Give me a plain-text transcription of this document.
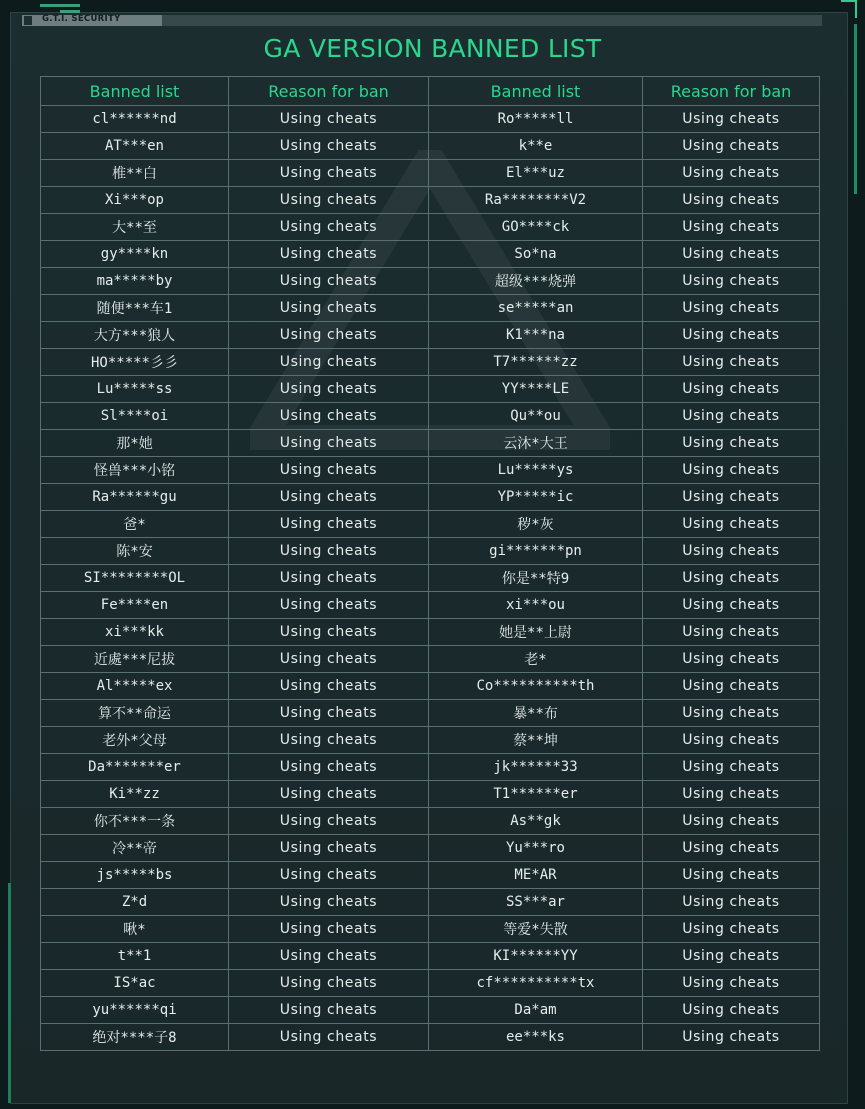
G.T.I. SECURITY
GA VERSION BANNED LIST
Banned list	Reason for ban	Banned list	Reason for ban
cl******nd	Using cheats	Ro*****ll	Using cheats
AT***en	Using cheats	k**e	Using cheats
椎**白	Using cheats	El***uz	Using cheats
Xi***op	Using cheats	Ra********V2	Using cheats
大**至	Using cheats	GO****ck	Using cheats
gy****kn	Using cheats	So*na	Using cheats
ma*****by	Using cheats	超级***烧弹	Using cheats
随便***车1	Using cheats	se*****an	Using cheats
大方***狼人	Using cheats	K1***na	Using cheats
HO*****彡彡	Using cheats	T7******zz	Using cheats
Lu*****ss	Using cheats	YY****LE	Using cheats
Sl****oi	Using cheats	Qu**ou	Using cheats
那*她	Using cheats	云沐*大王	Using cheats
怪兽***小铭	Using cheats	Lu*****ys	Using cheats
Ra******gu	Using cheats	YP*****ic	Using cheats
爸*	Using cheats	秽*灰	Using cheats
陈*安	Using cheats	gi*******pn	Using cheats
SI********OL	Using cheats	你是**特9	Using cheats
Fe****en	Using cheats	xi***ou	Using cheats
xi***kk	Using cheats	她是**上尉	Using cheats
近處***尼拔	Using cheats	老*	Using cheats
Al*****ex	Using cheats	Co**********th	Using cheats
算不**命运	Using cheats	暴**布	Using cheats
老外*父母	Using cheats	蔡**坤	Using cheats
Da*******er	Using cheats	jk******33	Using cheats
Ki**zz	Using cheats	T1******er	Using cheats
你不***一条	Using cheats	As**gk	Using cheats
冷**帝	Using cheats	Yu***ro	Using cheats
js*****bs	Using cheats	ME*AR	Using cheats
Z*d	Using cheats	SS***ar	Using cheats
啾*	Using cheats	等爱*失散	Using cheats
t**1	Using cheats	KI******YY	Using cheats
IS*ac	Using cheats	cf**********tx	Using cheats
yu******qi	Using cheats	Da*am	Using cheats
绝对****子8	Using cheats	ee***ks	Using cheats
